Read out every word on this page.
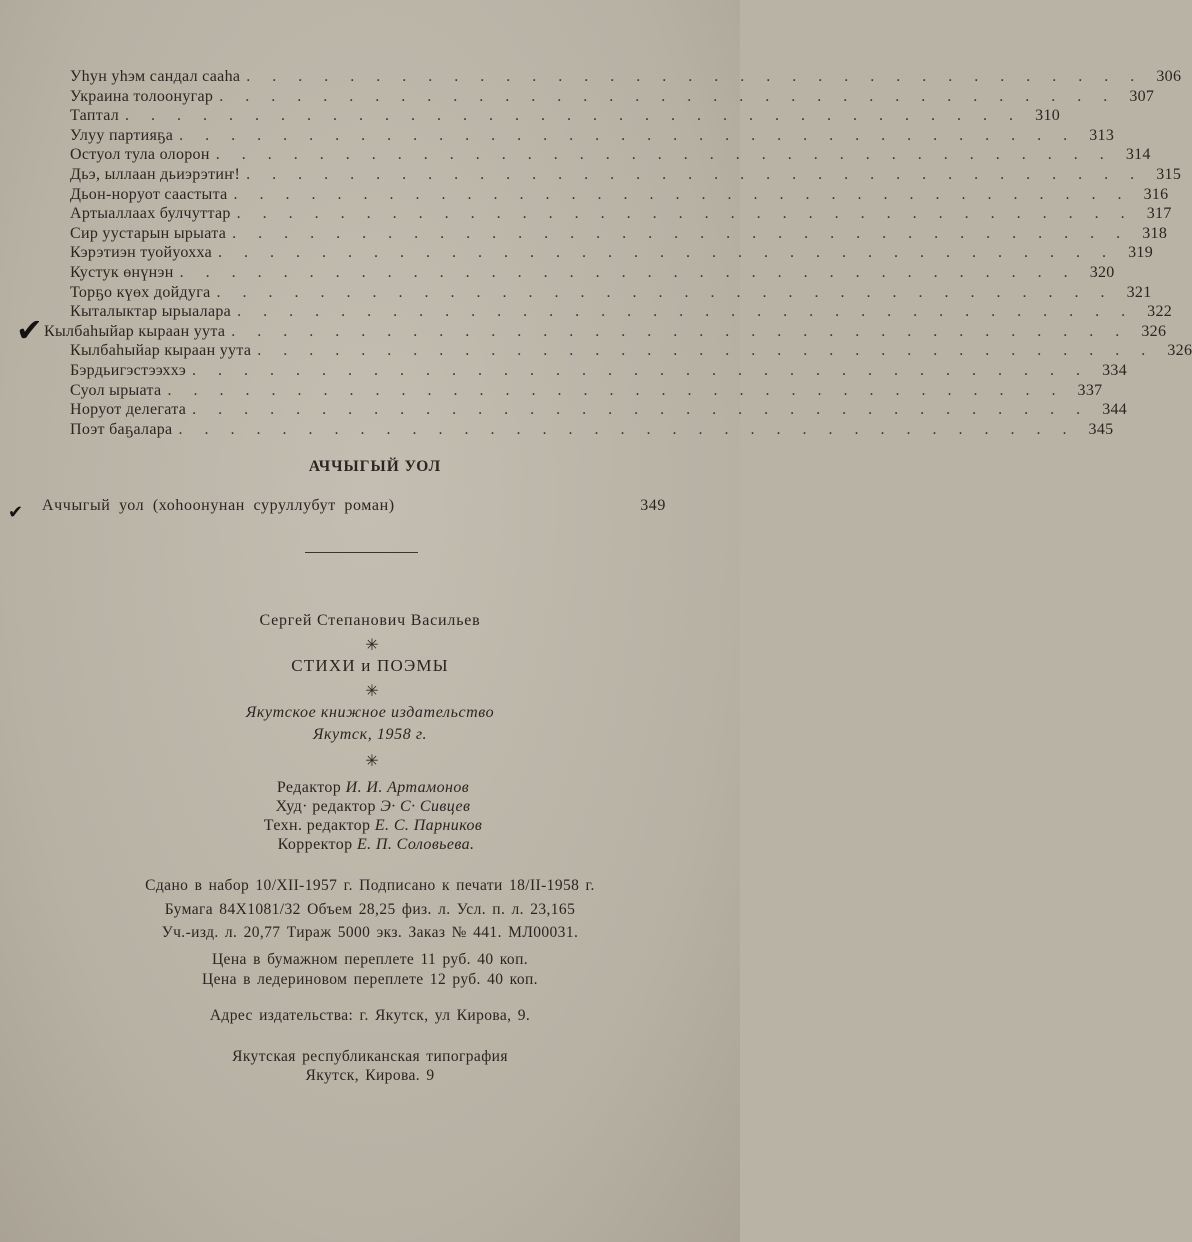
Уһун уһэм сандал сааһа . . . . . . . . . . . . . . . . . . . . . . . . . . . . . . . . . . . 306
Украина толоонугар . . . . . . . . . . . . . . . . . . . . . . . . . . . . . . . . . . . 307
Таптал . . . . . . . . . . . . . . . . . . . . . . . . . . . . . . . . . . . 310
Улуу партияҕа . . . . . . . . . . . . . . . . . . . . . . . . . . . . . . . . . . . 313
Остуол тула олорон . . . . . . . . . . . . . . . . . . . . . . . . . . . . . . . . . . . 314
Дьэ, ыллаан дьиэрэтиҥ! . . . . . . . . . . . . . . . . . . . . . . . . . . . . . . . . . . . 315
Дьон-норуот саастыта . . . . . . . . . . . . . . . . . . . . . . . . . . . . . . . . . . . 316
Артыаллаах булчуттар . . . . . . . . . . . . . . . . . . . . . . . . . . . . . . . . . . . 317
Сир уустарын ырыата . . . . . . . . . . . . . . . . . . . . . . . . . . . . . . . . . . . 318
Кэрэтиэн туойуохха . . . . . . . . . . . . . . . . . . . . . . . . . . . . . . . . . . . 319
Кустук өнүнэн . . . . . . . . . . . . . . . . . . . . . . . . . . . . . . . . . . . 320
Торҕо күөх дойдуга . . . . . . . . . . . . . . . . . . . . . . . . . . . . . . . . . . . 321
Кыталыктар ырыалара . . . . . . . . . . . . . . . . . . . . . . . . . . . . . . . . . . . 322
Кылбаһыйар кыраан уута . . . . . . . . . . . . . . . . . . . . . . . . . . . . . . . . . . . 326
Кылбаһыйар кыраан уута . . . . . . . . . . . . . . . . . . . . . . . . . . . . . . . . . . . 326
Бэрдьигэстээххэ . . . . . . . . . . . . . . . . . . . . . . . . . . . . . . . . . . . 334
Суол ырыата . . . . . . . . . . . . . . . . . . . . . . . . . . . . . . . . . . . 337
Норуот делегата . . . . . . . . . . . . . . . . . . . . . . . . . . . . . . . . . . . 344
Поэт баҕалара . . . . . . . . . . . . . . . . . . . . . . . . . . . . . . . . . . . 345
✔
АЧЧЫГЫЙ УОЛ
✔ Аччыгый уол (хоһоонунан суруллубут роман)	349
Сергей Степанович Васильев
✳
СТИХИ и ПОЭМЫ
✳
Якутское книжное издательство
Якутск, 1958 г.
✳
Редактор И. И. Артамонов
Худ· редактор Э· С· Сивцев
Техн. редактор Е. С. Парников
Корректор Е. П. Соловьева.
Сдано в набор 10/XII-1957 г. Подписано к печати 18/II-1958 г.
Бумага 84Х1081/32 Объем 28,25 физ. л. Усл. п. л. 23,165
Уч.-изд. л. 20,77 Тираж 5000 экз. Заказ № 441. МЛ00031.
Цена в бумажном переплете 11 руб. 40 коп.
Цена в ледериновом переплете 12 руб. 40 коп.
Адрес издательства: г. Якутск, ул Кирова, 9.
Якутская республиканская типография
Якутск, Кирова. 9
